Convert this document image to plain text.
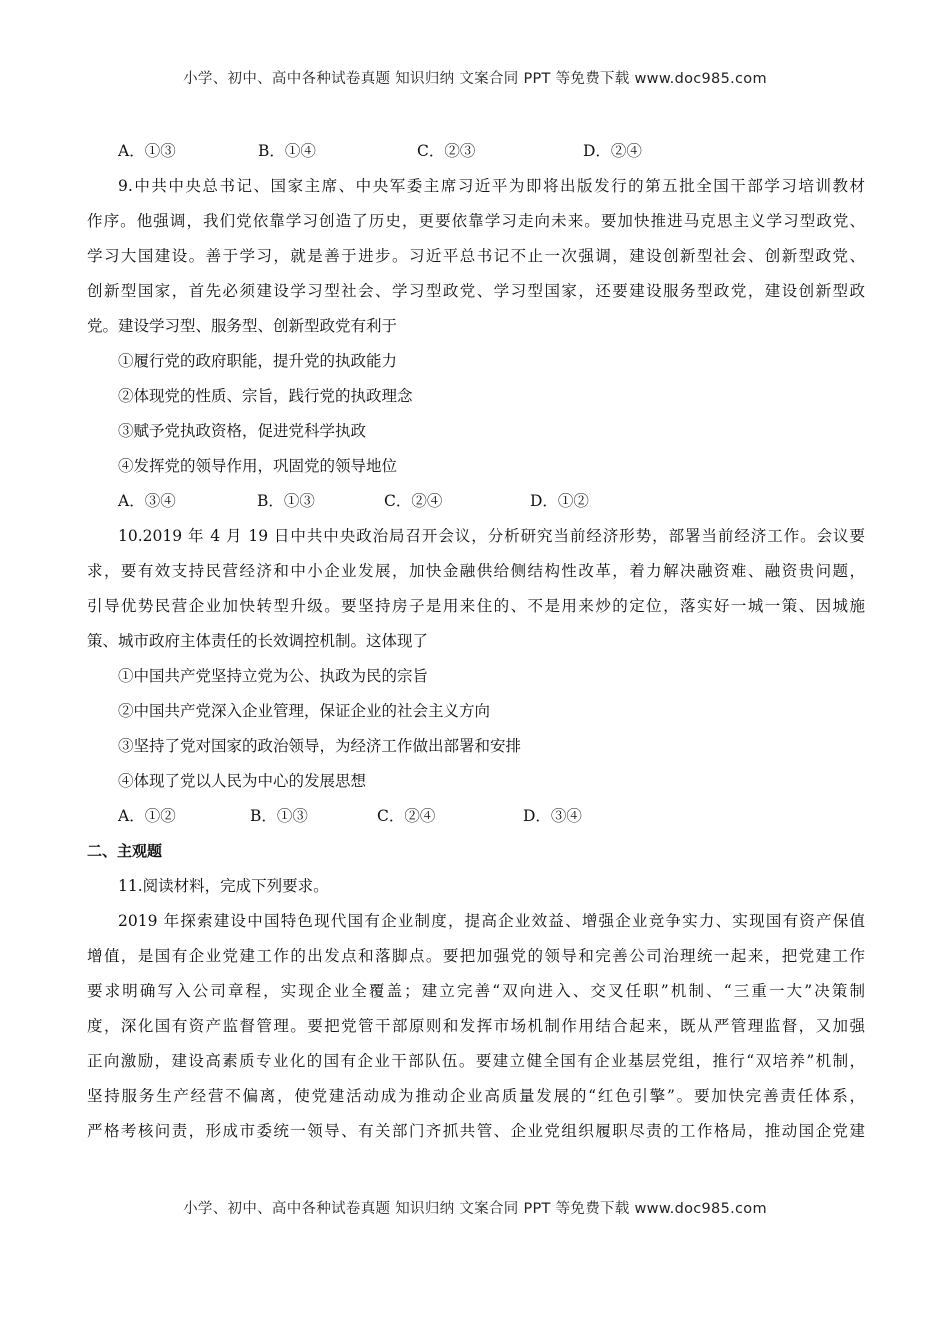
小学、初中、高中各种试卷真题 知识归纳 文案合同 PPT 等免费下载 www.doc985.com
A．①③	B．①④	C．②③	D．②④
9.中共中央总书记、国家主席、中央军委主席习近平为即将出版发行的第五批全国干部学习培训教材
作序。他强调，我们党依靠学习创造了历史，更要依靠学习走向未来。要加快推进马克思主义学习型政党、
学习大国建设。善于学习，就是善于进步。习近平总书记不止一次强调，建设创新型社会、创新型政党、
创新型国家，首先必须建设学习型社会、学习型政党、学习型国家，还要建设服务型政党，建设创新型政
党。建设学习型、服务型、创新型政党有利于
①履行党的政府职能，提升党的执政能力
②体现党的性质、宗旨，践行党的执政理念
③赋予党执政资格，促进党科学执政
④发挥党的领导作用，巩固党的领导地位
A．③④	B．①③	C．②④	D．①②
10.2019 年 4 月 19 日中共中央政治局召开会议，分析研究当前经济形势，部署当前经济工作。会议要
求，要有效支持民营经济和中小企业发展，加快金融供给侧结构性改革，着力解决融资难、融资贵问题，
引导优势民营企业加快转型升级。要坚持房子是用来住的、不是用来炒的定位，落实好一城一策、因城施
策、城市政府主体责任的长效调控机制。这体现了
①中国共产党坚持立党为公、执政为民的宗旨
②中国共产党深入企业管理，保证企业的社会主义方向
③坚持了党对国家的政治领导，为经济工作做出部署和安排
④体现了党以人民为中心的发展思想
A．①②	B．①③	C．②④	D．③④
二、主观题
11.阅读材料，完成下列要求。
2019 年探索建设中国特色现代国有企业制度，提高企业效益、增强企业竞争实力、实现国有资产保值
增值，是国有企业党建工作的出发点和落脚点。要把加强党的领导和完善公司治理统一起来，把党建工作
要求明确写入公司章程，实现企业全覆盖；建立完善“双向进入、交叉任职”机制、“三重一大”决策制
度，深化国有资产监督管理。要把党管干部原则和发挥市场机制作用结合起来，既从严管理监督，又加强
正向激励，建设高素质专业化的国有企业干部队伍。要建立健全国有企业基层党组，推行“双培养”机制，
坚持服务生产经营不偏离，使党建活动成为推动企业高质量发展的“红色引擎”。要加快完善责任体系，
严格考核问责，形成市委统一领导、有关部门齐抓共管、企业党组织履职尽责的工作格局，推动国企党建
小学、初中、高中各种试卷真题 知识归纳 文案合同 PPT 等免费下载 www.doc985.com
